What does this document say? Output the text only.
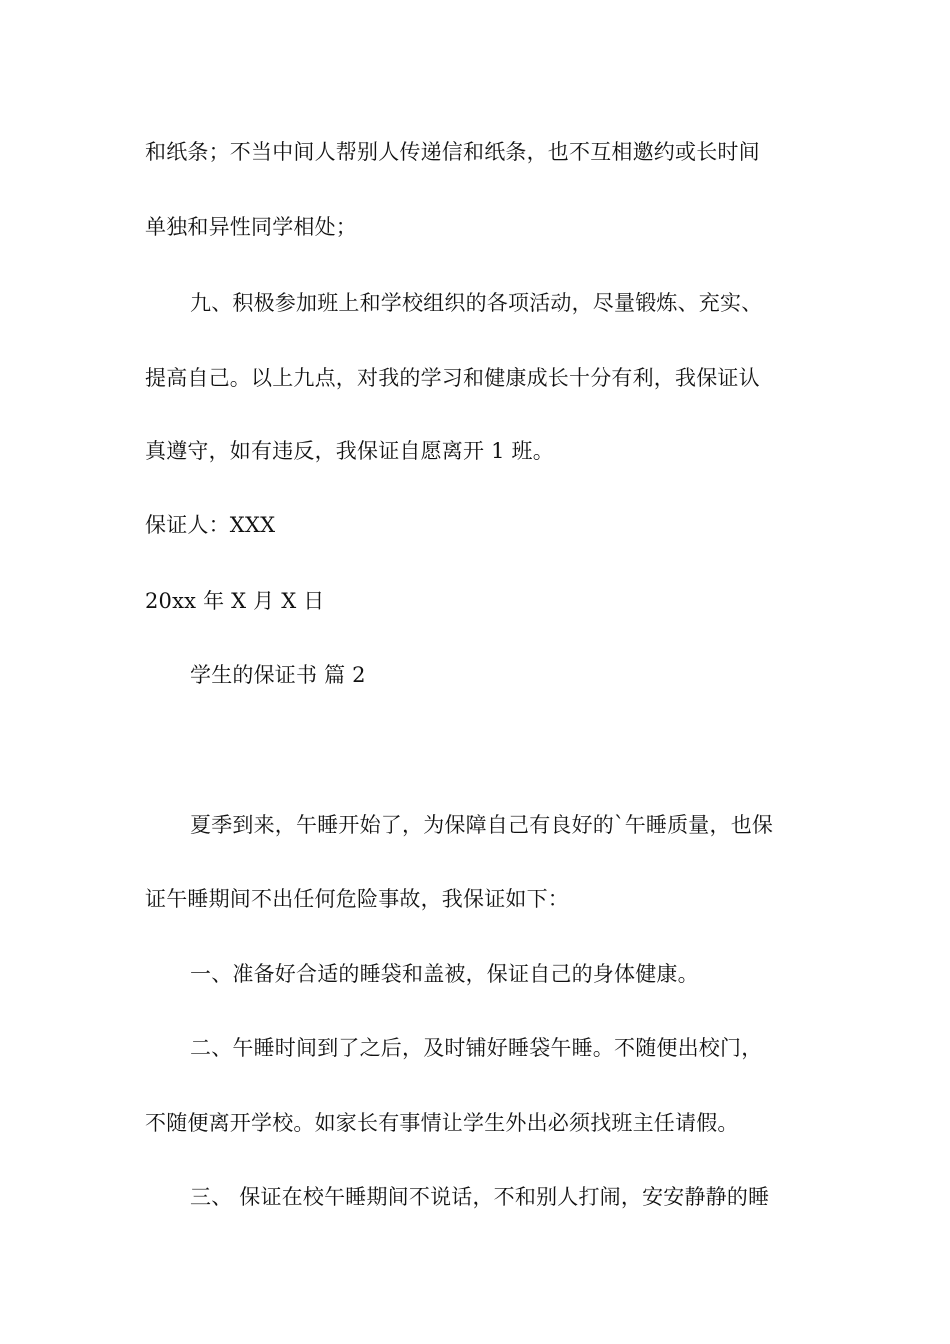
和纸条；不当中间人帮别人传递信和纸条，也不互相邀约或长时间
单独和异性同学相处；
九、积极参加班上和学校组织的各项活动，尽量锻炼、充实、
提高自己。以上九点，对我的学习和健康成长十分有利，我保证认
真遵守，如有违反，我保证自愿离开 1 班。
保证人：XXX
20xx 年 X 月 X 日
学生的保证书 篇 2
夏季到来，午睡开始了，为保障自己有良好的`午睡质量，也保
证午睡期间不出任何危险事故，我保证如下：
一、准备好合适的睡袋和盖被，保证自己的身体健康。
二、午睡时间到了之后，及时铺好睡袋午睡。不随便出校门，
不随便离开学校。如家长有事情让学生外出必须找班主任请假。
三、 保证在校午睡期间不说话，不和别人打闹，安安静静的睡
